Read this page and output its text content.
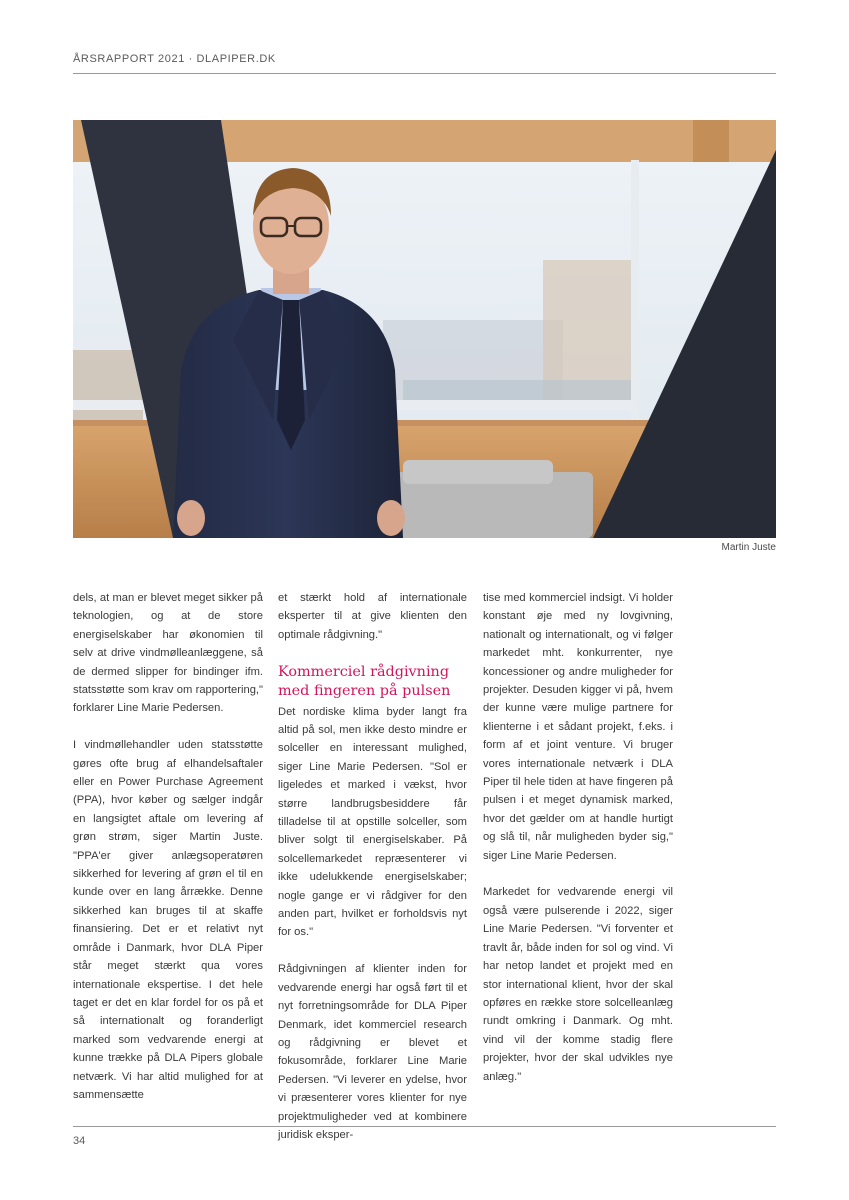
ÅRSRAPPORT 2021 · DLAPIPER.DK
Martin Juste

dels, at man er blevet meget sikker på teknologien, og at de store energiselskaber har økonomien til selv at drive vindmølleanlæggene, så de dermed slipper for bindinger ifm. statsstøtte som krav om rapportering," forklarer Line Marie Pedersen.

I vindmøllehandler uden statsstøtte gøres ofte brug af elhandelsaftaler eller en Power Purchase Agreement (PPA), hvor køber og sælger indgår en langsigtet aftale om levering af grøn strøm, siger Martin Juste. "PPA'er giver anlægsoperatøren sikkerhed for levering af grøn el til en kunde over en lang årrække. Denne sikkerhed kan bruges til at skaffe finansiering. Det er et relativt nyt område i Danmark, hvor DLA Piper står meget stærkt qua vores internationale ekspertise. I det hele taget er det en klar fordel for os på et så internationalt og foranderligt marked som vedvarende energi at kunne trække på DLA Pipers globale netværk. Vi har altid mulighed for at sammensætte

et stærkt hold af internationale eksperter til at give klienten den optimale rådgivning."

Kommerciel rådgivning med fingeren på pulsen

Det nordiske klima byder langt fra altid på sol, men ikke desto mindre er solceller en interessant mulighed, siger Line Marie Pedersen. "Sol er ligeledes et marked i vækst, hvor større landbrugsbesiddere får tilladelse til at opstille solceller, som bliver solgt til energiselskaber. På solcellemarkedet repræsenterer vi ikke udelukkende energiselskaber; nogle gange er vi rådgiver for den anden part, hvilket er forholdsvis nyt for os."

Rådgivningen af klienter inden for vedvarende energi har også ført til et nyt forretningsområde for DLA Piper Denmark, idet kommerciel research og rådgivning er blevet et fokusområde, forklarer Line Marie Pedersen. "Vi leverer en ydelse, hvor vi præsenterer vores klienter for nye projektmuligheder ved at kombinere juridisk eksper-

tise med kommerciel indsigt. Vi holder konstant øje med ny lovgivning, nationalt og internationalt, og vi følger markedet mht. konkurrenter, nye koncessioner og andre muligheder for projekter. Desuden kigger vi på, hvem der kunne være mulige partnere for klienterne i et sådant projekt, f.eks. i form af et joint venture. Vi bruger vores internationale netværk i DLA Piper til hele tiden at have fingeren på pulsen i et meget dynamisk marked, hvor det gælder om at handle hurtigt og slå til, når muligheden byder sig," siger Line Marie Pedersen.

Markedet for vedvarende energi vil også være pulserende i 2022, siger Line Marie Pedersen. "Vi forventer et travlt år, både inden for sol og vind. Vi har netop landet et projekt med en stor international klient, hvor der skal opføres en række store solcelleanlæg rundt omkring i Danmark. Og mht. vind vil der komme stadig flere projekter, hvor der skal udvikles nye anlæg."

34
